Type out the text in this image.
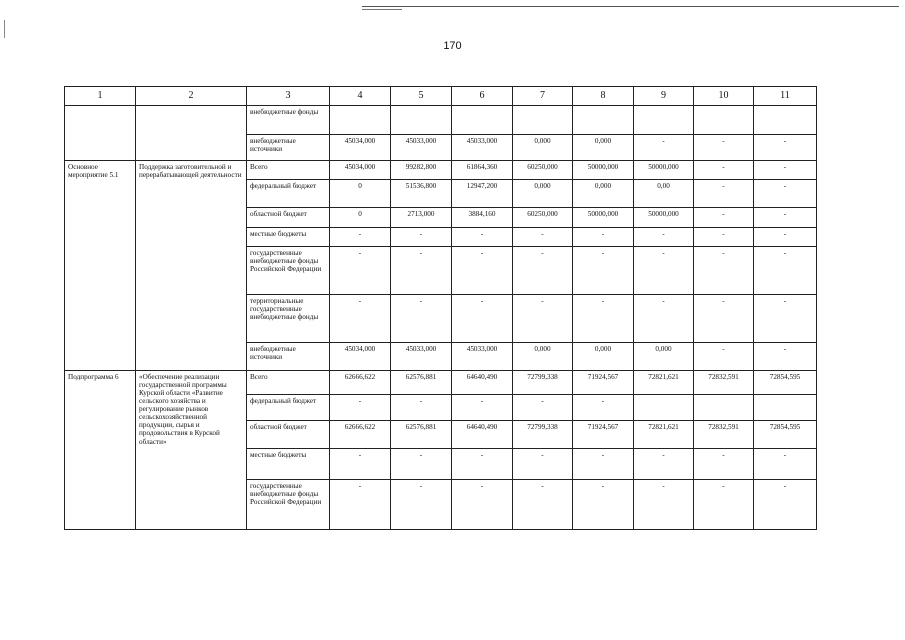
170
1	2	3	4	5	6	7	8	9	10	11
		внебюджетные фонды								
		внебюджетные источники	45034,000	45033,000	45033,000	0,000	0,000	-	-	-
Основное мероприятие 5.1	Поддержка заготовительной и перерабатывающей деятельности	Всего	45034,000	99282,800	61864,360	60250,000	50000,000	50000,000	-	-
		федеральный бюджет	0	51536,800	12947,200	0,000	0,000	0,00	-	-
		областной бюджет	0	2713,000	3884,160	60250,000	50000,000	50000,000	-	-
		местные бюджеты	-	-	-	-	-	-	-	-
		государственные внебюджетные фонды Российской Федерации	-	-	-	-	-	-	-	-
		территориальные государственные внебюджетные фонды	-	-	-	-	-	-	-	-
		внебюджетные источники	45034,000	45033,000	45033,000	0,000	0,000	0,000	-	-
Подпрограмма 6	«Обеспечение реализации государственной программы Курской области «Развитие сельского хозяйства и регулирование рынков сельскохозяйственной продукции, сырья и продовольствия в Курской области»	Всего	62666,622	62576,881	64640,490	72799,338	71924,567	72821,621	72832,591	72854,595
		федеральный бюджет	-	-	-	-	-			
		областной бюджет	62666,622	62576,881	64640,490	72799,338	71924,567	72821,621	72832,591	72854,595
		местные бюджеты	-	-	-	-	-	-	-	-
		государственные внебюджетные фонды Российской Федерации	-	-	-	-	-	-	-	-
